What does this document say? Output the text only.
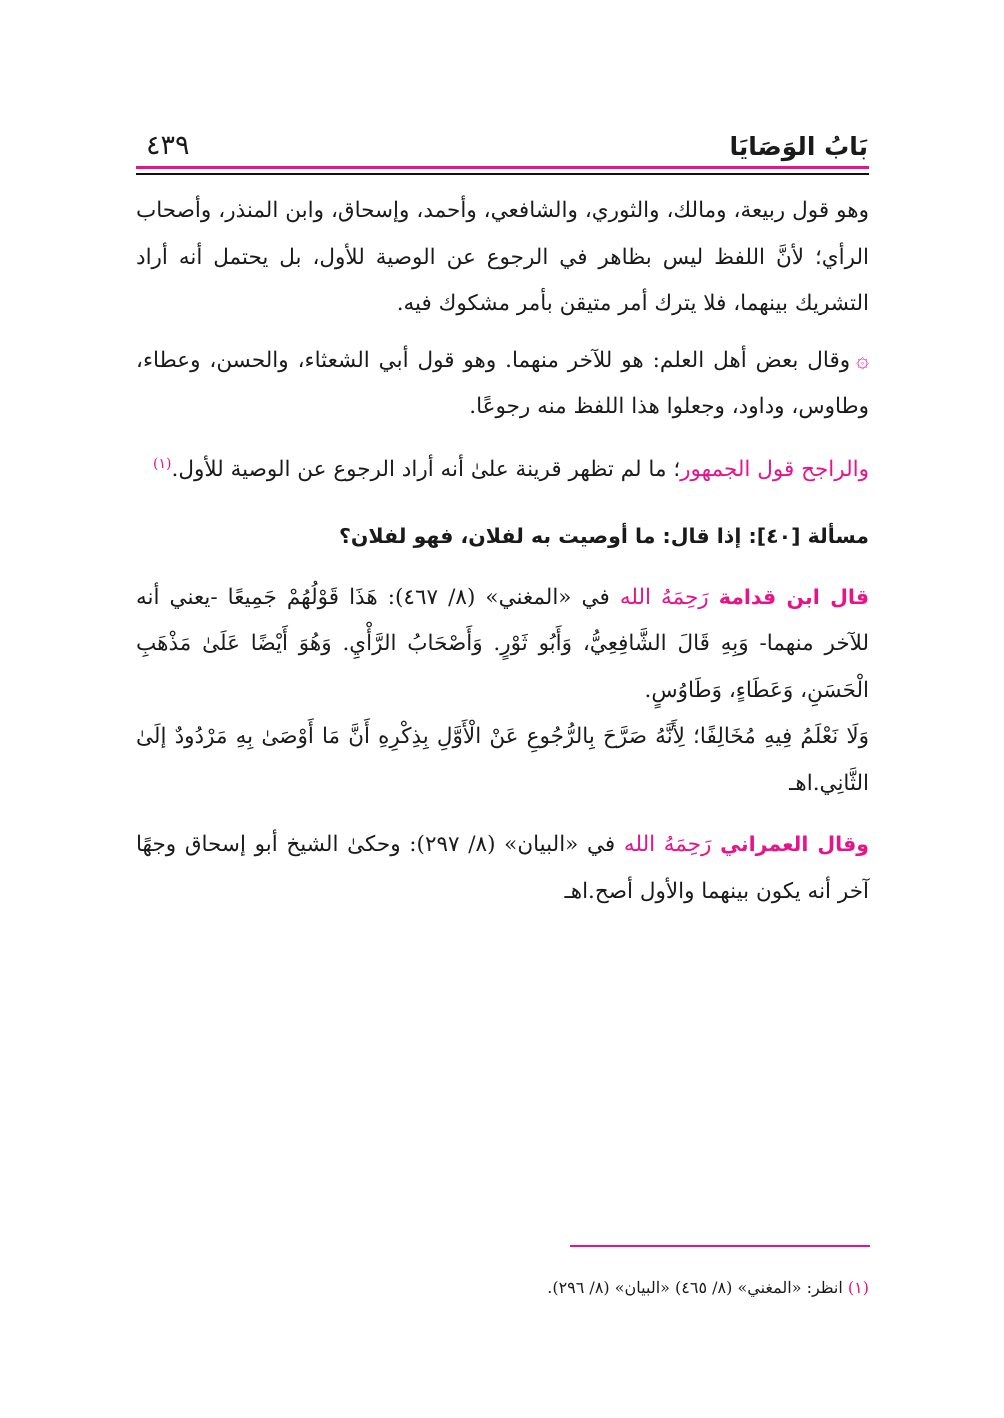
بَابُ الوَصَايَا
٤٣٩

وهو قول ربيعة، ومالك، والثوري، والشافعي، وأحمد، وإسحاق، وابن المنذر، وأصحاب الرأي؛ لأنَّ اللفظ ليس بظاهر في الرجوع عن الوصية للأول، بل يحتمل أنه أراد التشريك بينهما، فلا يترك أمر متيقن بأمر مشكوك فيه.

۞وقال بعض أهل العلم: هو للآخر منهما. وهو قول أبي الشعثاء، والحسن، وعطاء، وطاوس، وداود، وجعلوا هذا اللفظ منه رجوعًا.

والراجح قول الجمهور؛ ما لم تظهر قرينة علىٰ أنه أراد الرجوع عن الوصية للأول.$^{(١)}$

مسألة [٤٠]: إذا قال: ما أوصيت به لفلان، فهو لفلان؟

قال ابن قدامة رَحِمَهُ الله في «المغني» (٨/ ٤٦٧): هَذَا قَوْلُهُمْ جَمِيعًا -يعني أنه للآخر منهما- وَبِهِ قَالَ الشَّافِعِيُّ، وَأَبُو ثَوْرٍ. وَأَصْحَابُ الرَّأْيِ. وَهُوَ أَيْضًا عَلَىٰ مَذْهَبِ الْحَسَنِ، وَعَطَاءٍ، وَطَاوُسٍ.

وَلَا نَعْلَمُ فِيهِ مُخَالِفًا؛ لِأَنَّهُ صَرَّحَ بِالرُّجُوعِ عَنْ الْأَوَّلِ بِذِكْرِهِ أَنَّ مَا أَوْصَىٰ بِهِ مَرْدُودٌ إلَىٰ الثَّانِي.اهـ

وقال العمراني رَحِمَهُ الله في «البيان» (٨/ ٢٩٧): وحكىٰ الشيخ أبو إسحاق وجهًا آخر أنه يكون بينهما والأول أصح.اهـ

(١) انظر: «المغني» (٨/ ٤٦٥) «البيان» (٨/ ٢٩٦).
